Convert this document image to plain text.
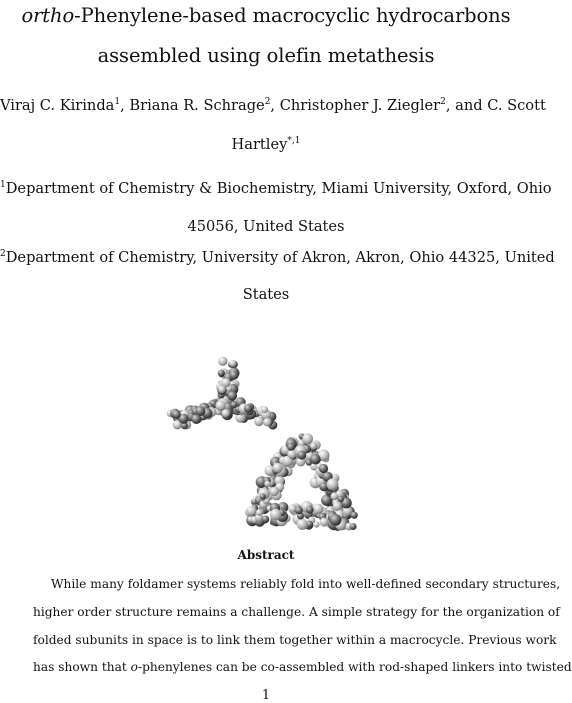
ortho-Phenylene-based macrocyclic hydrocarbons
assembled using olefin metathesis
Viraj C. Kirinda$^1$, Briana R. Schrage$^2$, Christopher J. Ziegler$^2$, and C. Scott
Hartley$^{*,1}$
$^1$Department of Chemistry & Biochemistry, Miami University, Oxford, Ohio
45056, United States
$^2$Department of Chemistry, University of Akron, Akron, Ohio 44325, United
States
Abstract
While many foldamer systems reliably fold into well-defined secondary structures,
higher order structure remains a challenge. A simple strategy for the organization of
folded subunits in space is to link them together within a macrocycle. Previous work
has shown that o-phenylenes can be co-assembled with rod-shaped linkers into twisted
1
